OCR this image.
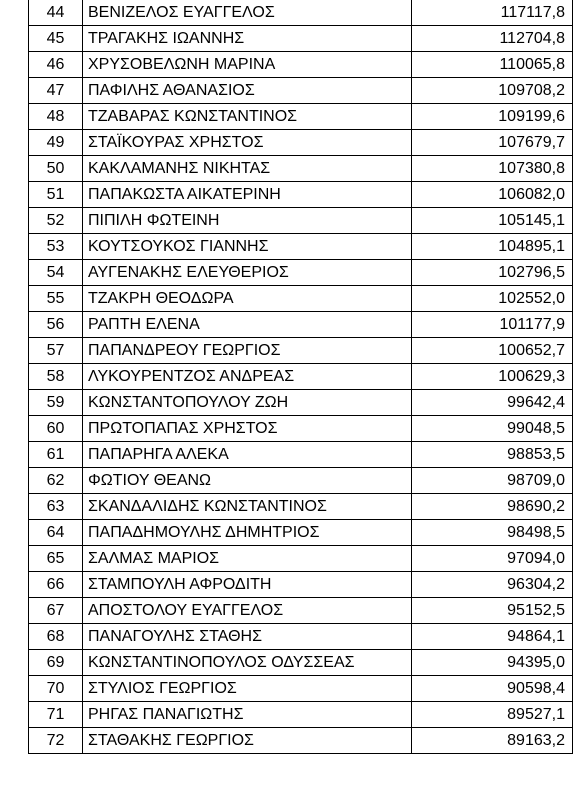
44	ΒΕΝΙΖΕΛΟΣ ΕΥΑΓΓΕΛΟΣ	117117,8
45	ΤΡΑΓΑΚΗΣ ΙΩΑΝΝΗΣ	112704,8
46	ΧΡΥΣΟΒΕΛΩΝΗ ΜΑΡΙΝΑ	110065,8
47	ΠΑΦΙΛΗΣ ΑΘΑΝΑΣΙΟΣ	109708,2
48	ΤΖΑΒΑΡΑΣ ΚΩΝΣΤΑΝΤΙΝΟΣ	109199,6
49	ΣΤΑΪΚΟΥΡΑΣ ΧΡΗΣΤΟΣ	107679,7
50	ΚΑΚΛΑΜΑΝΗΣ ΝΙΚΗΤΑΣ	107380,8
51	ΠΑΠΑΚΩΣΤΑ ΑΙΚΑΤΕΡΙΝΗ	106082,0
52	ΠΙΠΙΛΗ ΦΩΤΕΙΝΗ	105145,1
53	ΚΟΥΤΣΟΥΚΟΣ ΓΙΑΝΝΗΣ	104895,1
54	ΑΥΓΕΝΑΚΗΣ ΕΛΕΥΘΕΡΙΟΣ	102796,5
55	ΤΖΑΚΡΗ ΘΕΟΔΩΡΑ	102552,0
56	ΡΑΠΤΗ ΕΛΕΝΑ	101177,9
57	ΠΑΠΑΝΔΡΕΟΥ ΓΕΩΡΓΙΟΣ	100652,7
58	ΛΥΚΟΥΡΕΝΤΖΟΣ ΑΝΔΡΕΑΣ	100629,3
59	ΚΩΝΣΤΑΝΤΟΠΟΥΛΟΥ ΖΩΗ	99642,4
60	ΠΡΩΤΟΠΑΠΑΣ ΧΡΗΣΤΟΣ	99048,5
61	ΠΑΠΑΡΗΓΑ ΑΛΕΚΑ	98853,5
62	ΦΩΤΙΟΥ ΘΕΑΝΩ	98709,0
63	ΣΚΑΝΔΑΛΙΔΗΣ ΚΩΝΣΤΑΝΤΙΝΟΣ	98690,2
64	ΠΑΠΑΔΗΜΟΥΛΗΣ ΔΗΜΗΤΡΙΟΣ	98498,5
65	ΣΑΛΜΑΣ ΜΑΡΙΟΣ	97094,0
66	ΣΤΑΜΠΟΥΛΗ ΑΦΡΟΔΙΤΗ	96304,2
67	ΑΠΟΣΤΟΛΟΥ ΕΥΑΓΓΕΛΟΣ	95152,5
68	ΠΑΝΑΓΟΥΛΗΣ ΣΤΑΘΗΣ	94864,1
69	ΚΩΝΣΤΑΝΤΙΝΟΠΟΥΛΟΣ ΟΔΥΣΣΕΑΣ	94395,0
70	ΣΤΥΛΙΟΣ ΓΕΩΡΓΙΟΣ	90598,4
71	ΡΗΓΑΣ ΠΑΝΑΓΙΩΤΗΣ	89527,1
72	ΣΤΑΘΑΚΗΣ ΓΕΩΡΓΙΟΣ	89163,2
